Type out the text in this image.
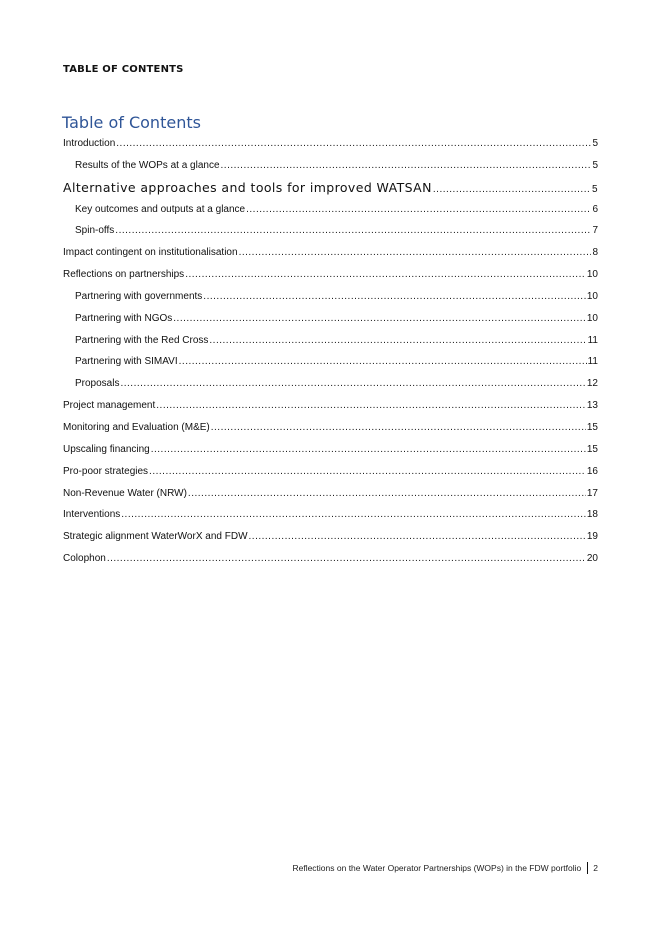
TABLE OF CONTENTS
Table of Contents
Introduction .....	5
Results of the WOPs at a glance .....	5
Alternative approaches and tools for improved WATSAN .....	5
Key outcomes and outputs at a glance .....	6
Spin-offs .....	7
Impact contingent on institutionalisation .....	8
Reflections on partnerships .....	10
Partnering with governments .....	10
Partnering with NGOs .....	10
Partnering with the Red Cross .....	11
Partnering with SIMAVI .....	11
Proposals .....	12
Project management .....	13
Monitoring and Evaluation (M&E) .....	15
Upscaling financing .....	15
Pro-poor strategies .....	16
Non-Revenue Water (NRW) .....	17
Interventions .....	18
Strategic alignment WaterWorX and FDW .....	19
Colophon .....	20
Reflections on the Water Operator Partnerships (WOPs) in the FDW portfolio 2
